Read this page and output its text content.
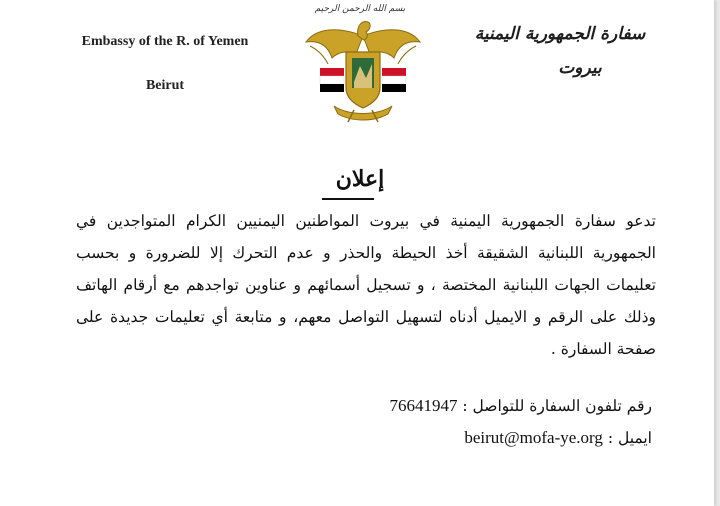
Embassy of the R. of Yemen
Beirut
بسم الله الرحمن الرحيم
سفارة الجمهورية اليمنية
بيروت
إعلان

تدعو سفارة الجمهورية اليمنية في بيروت المواطنين اليمنيين الكرام المتواجدين في الجمهورية اللبنانية الشقيقة أخذ الحيطة والحذر و عدم التحرك إلا للضرورة و بحسب تعليمات الجهات اللبنانية المختصة ، و تسجيل أسمائهم و عناوين تواجدهم مع أرقام الهاتف وذلك على الرقم و الايميل أدناه لتسهيل التواصل معهم، و متابعة أي تعليمات جديدة على صفحة السفارة .

رقم تلفون السفارة للتواصل : 76641947
ايميل : beirut@mofa-ye.org
